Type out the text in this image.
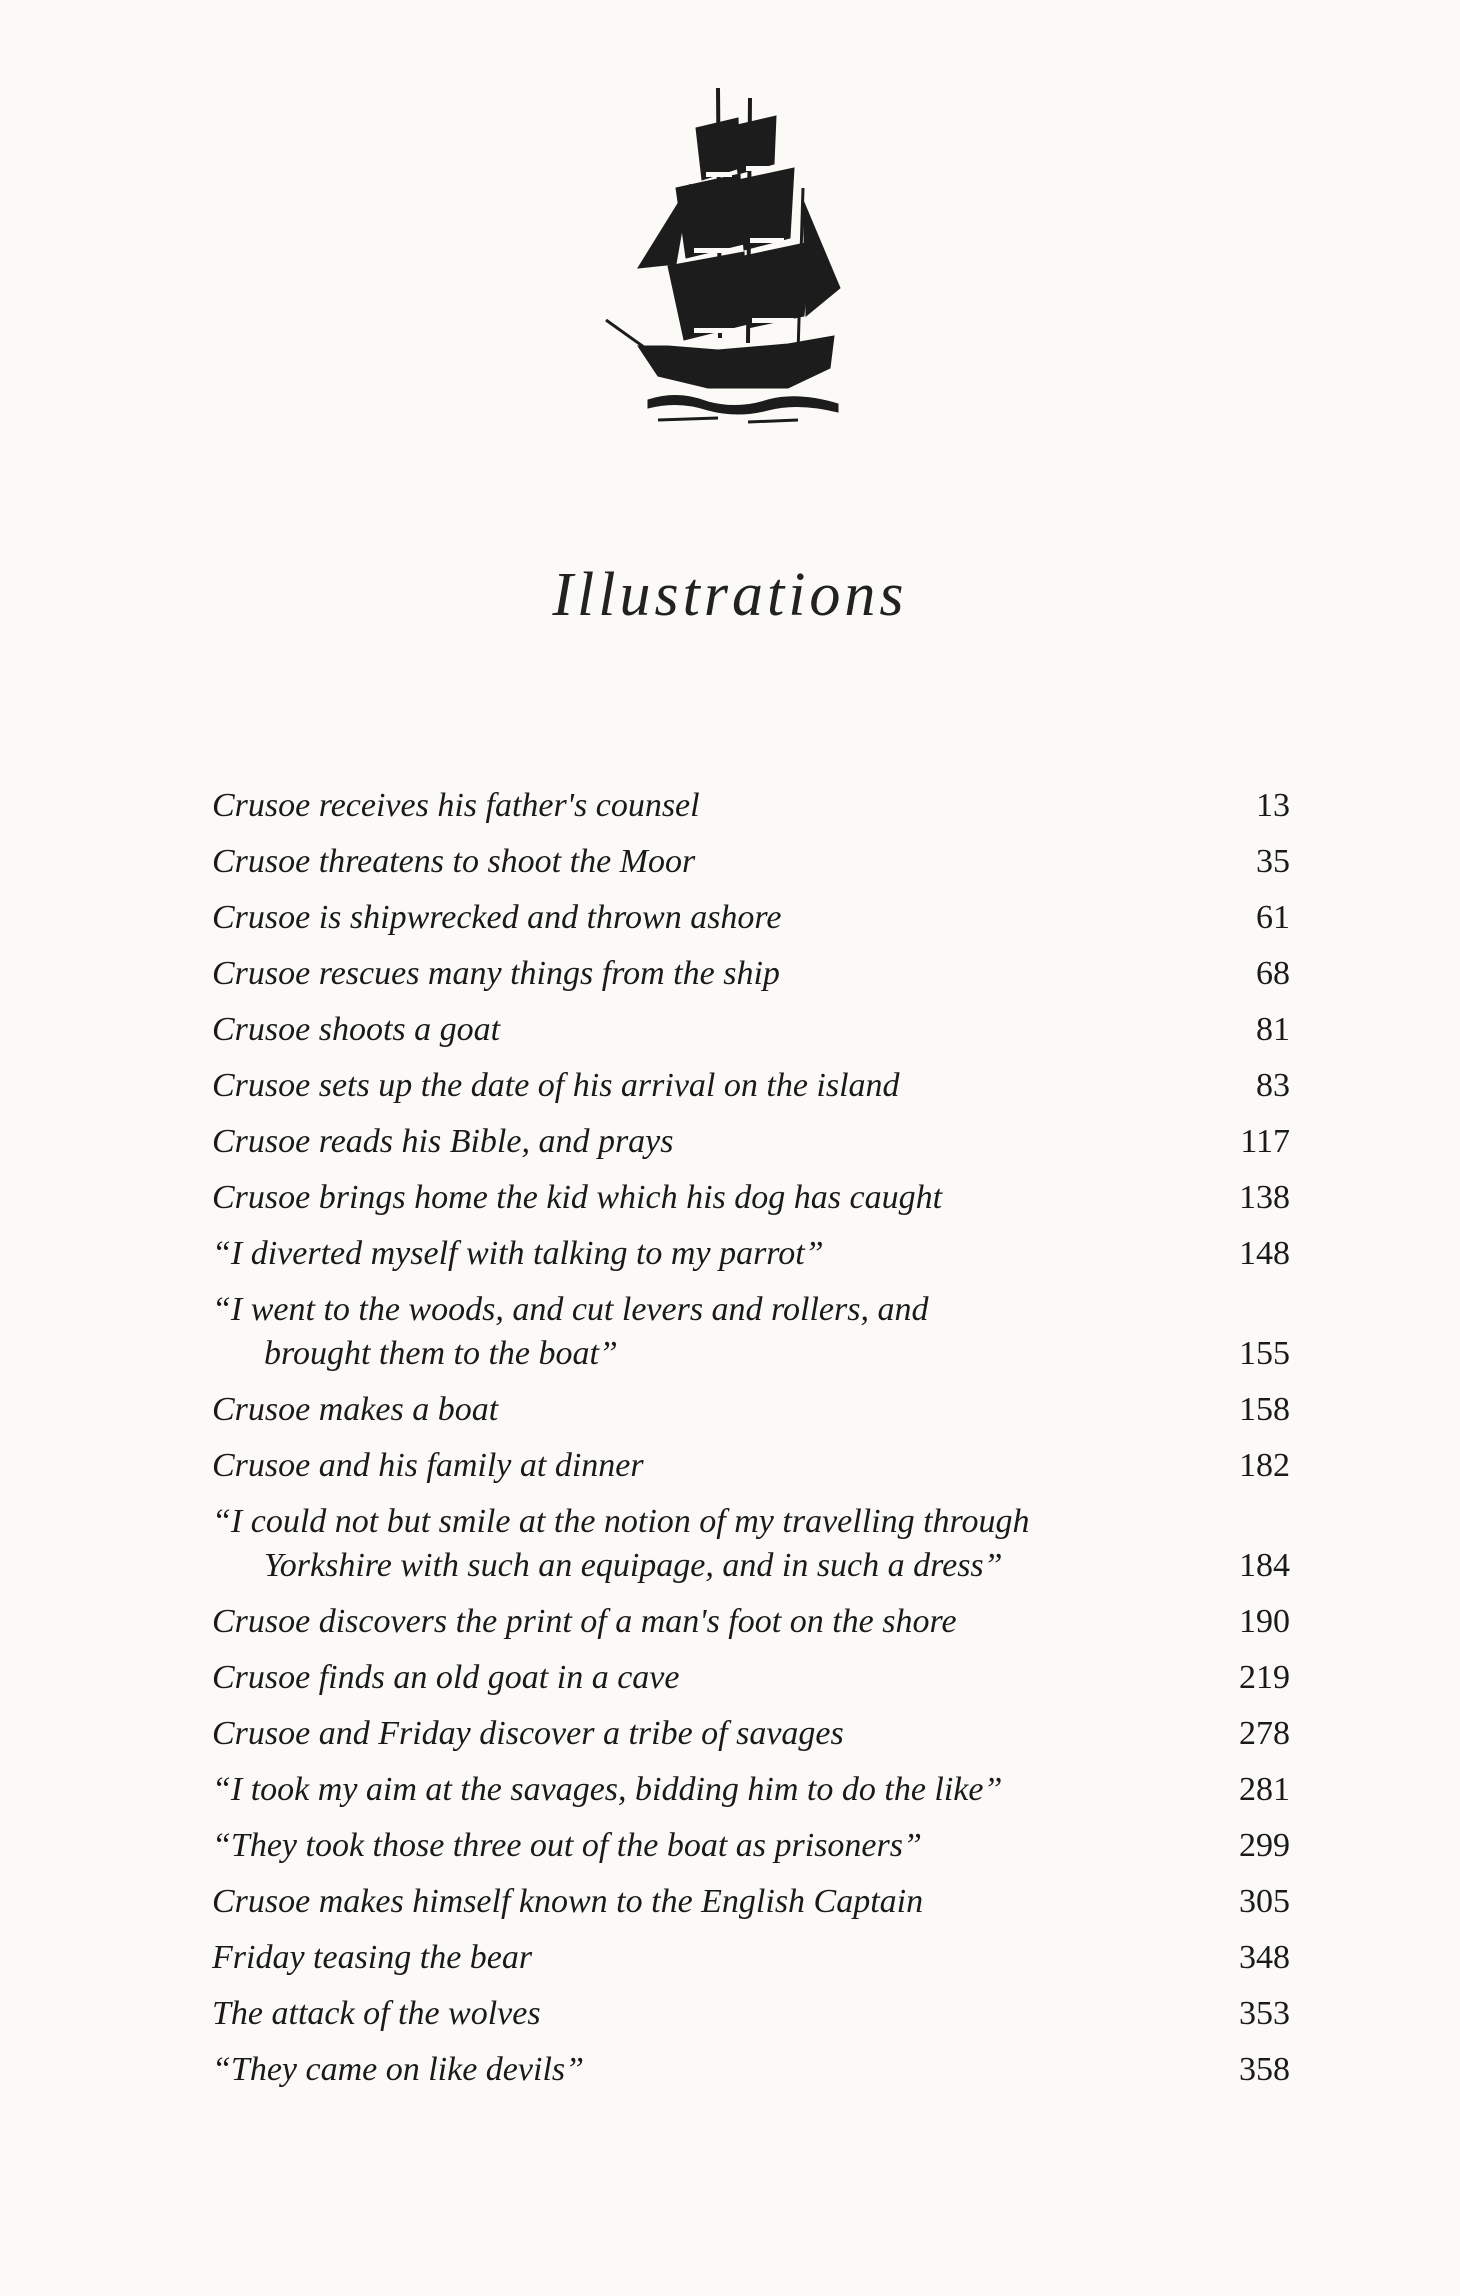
Illustrations
Crusoe receives his father's counsel	13
Crusoe threatens to shoot the Moor	35
Crusoe is shipwrecked and thrown ashore	61
Crusoe rescues many things from the ship	68
Crusoe shoots a goat	81
Crusoe sets up the date of his arrival on the island	83
Crusoe reads his Bible, and prays	117
Crusoe brings home the kid which his dog has caught	138
“I diverted myself with talking to my parrot”	148
“I went to the woods, and cut levers and rollers, and
brought them to the boat”	155
Crusoe makes a boat	158
Crusoe and his family at dinner	182
“I could not but smile at the notion of my travelling through
Yorkshire with such an equipage, and in such a dress”	184
Crusoe discovers the print of a man's foot on the shore	190
Crusoe finds an old goat in a cave	219
Crusoe and Friday discover a tribe of savages	278
“I took my aim at the savages, bidding him to do the like”	281
“They took those three out of the boat as prisoners”	299
Crusoe makes himself known to the English Captain	305
Friday teasing the bear	348
The attack of the wolves	353
“They came on like devils”	358
